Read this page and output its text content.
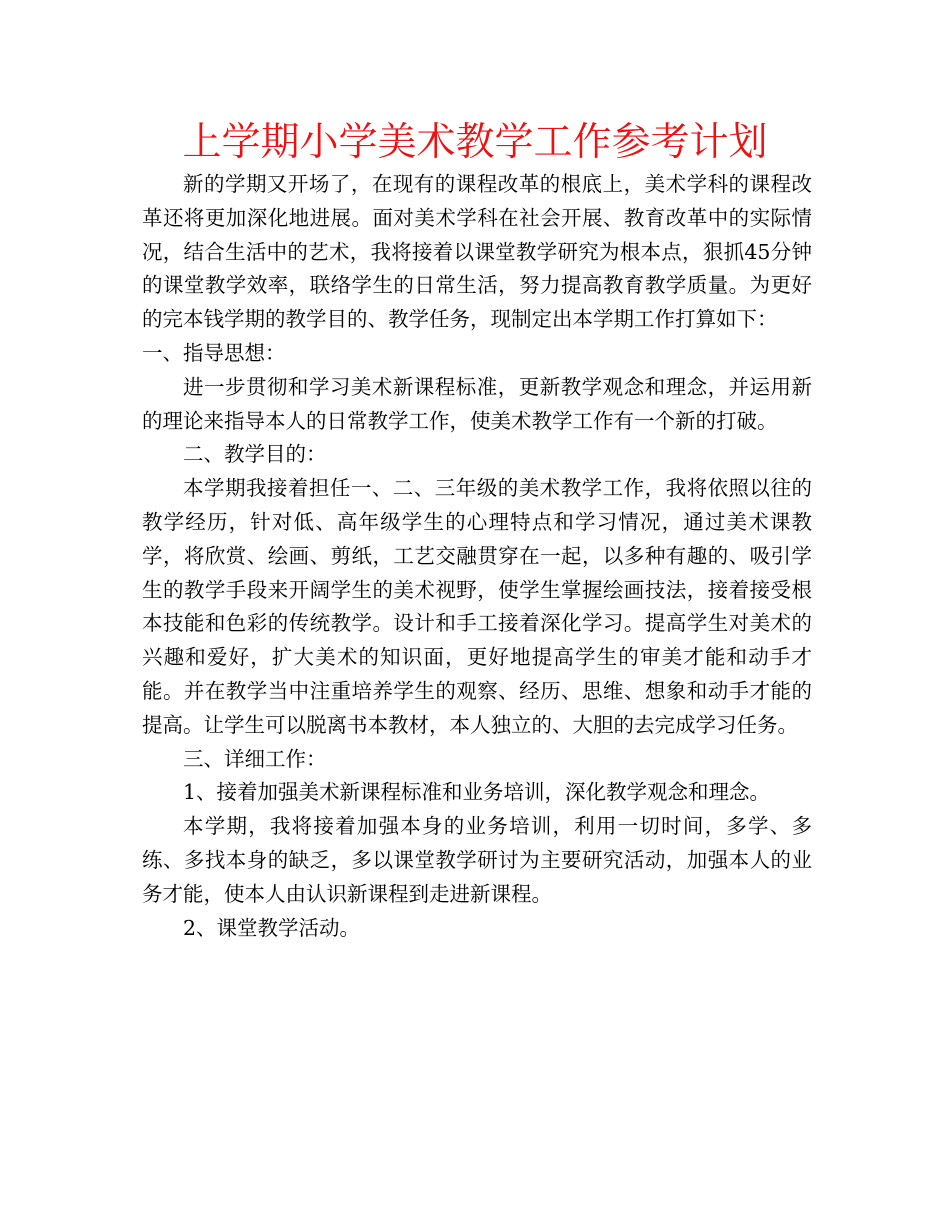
上学期小学美术教学工作参考计划

新的学期又开场了，在现有的课程改革的根底上，美术学科的课程改革还将更加深化地进展。面对美术学科在社会开展、教育改革中的实际情况，结合生活中的艺术，我将接着以课堂教学研究为根本点，狠抓45分钟的课堂教学效率，联络学生的日常生活，努力提高教育教学质量。为更好的完本钱学期的教学目的、教学任务，现制定出本学期工作打算如下：

一、指导思想：

进一步贯彻和学习美术新课程标准，更新教学观念和理念，并运用新的理论来指导本人的日常教学工作，使美术教学工作有一个新的打破。

二、教学目的：

本学期我接着担任一、二、三年级的美术教学工作，我将依照以往的教学经历，针对低、高年级学生的心理特点和学习情况，通过美术课教学，将欣赏、绘画、剪纸，工艺交融贯穿在一起，以多种有趣的、吸引学生的教学手段来开阔学生的美术视野，使学生掌握绘画技法，接着接受根本技能和色彩的传统教学。设计和手工接着深化学习。提高学生对美术的兴趣和爱好，扩大美术的知识面，更好地提高学生的审美才能和动手才能。并在教学当中注重培养学生的观察、经历、思维、想象和动手才能的提高。让学生可以脱离书本教材，本人独立的、大胆的去完成学习任务。

三、详细工作：

1、接着加强美术新课程标准和业务培训，深化教学观念和理念。

本学期，我将接着加强本身的业务培训，利用一切时间，多学、多练、多找本身的缺乏，多以课堂教学研讨为主要研究活动，加强本人的业务才能，使本人由认识新课程到走进新课程。

2、课堂教学活动。
